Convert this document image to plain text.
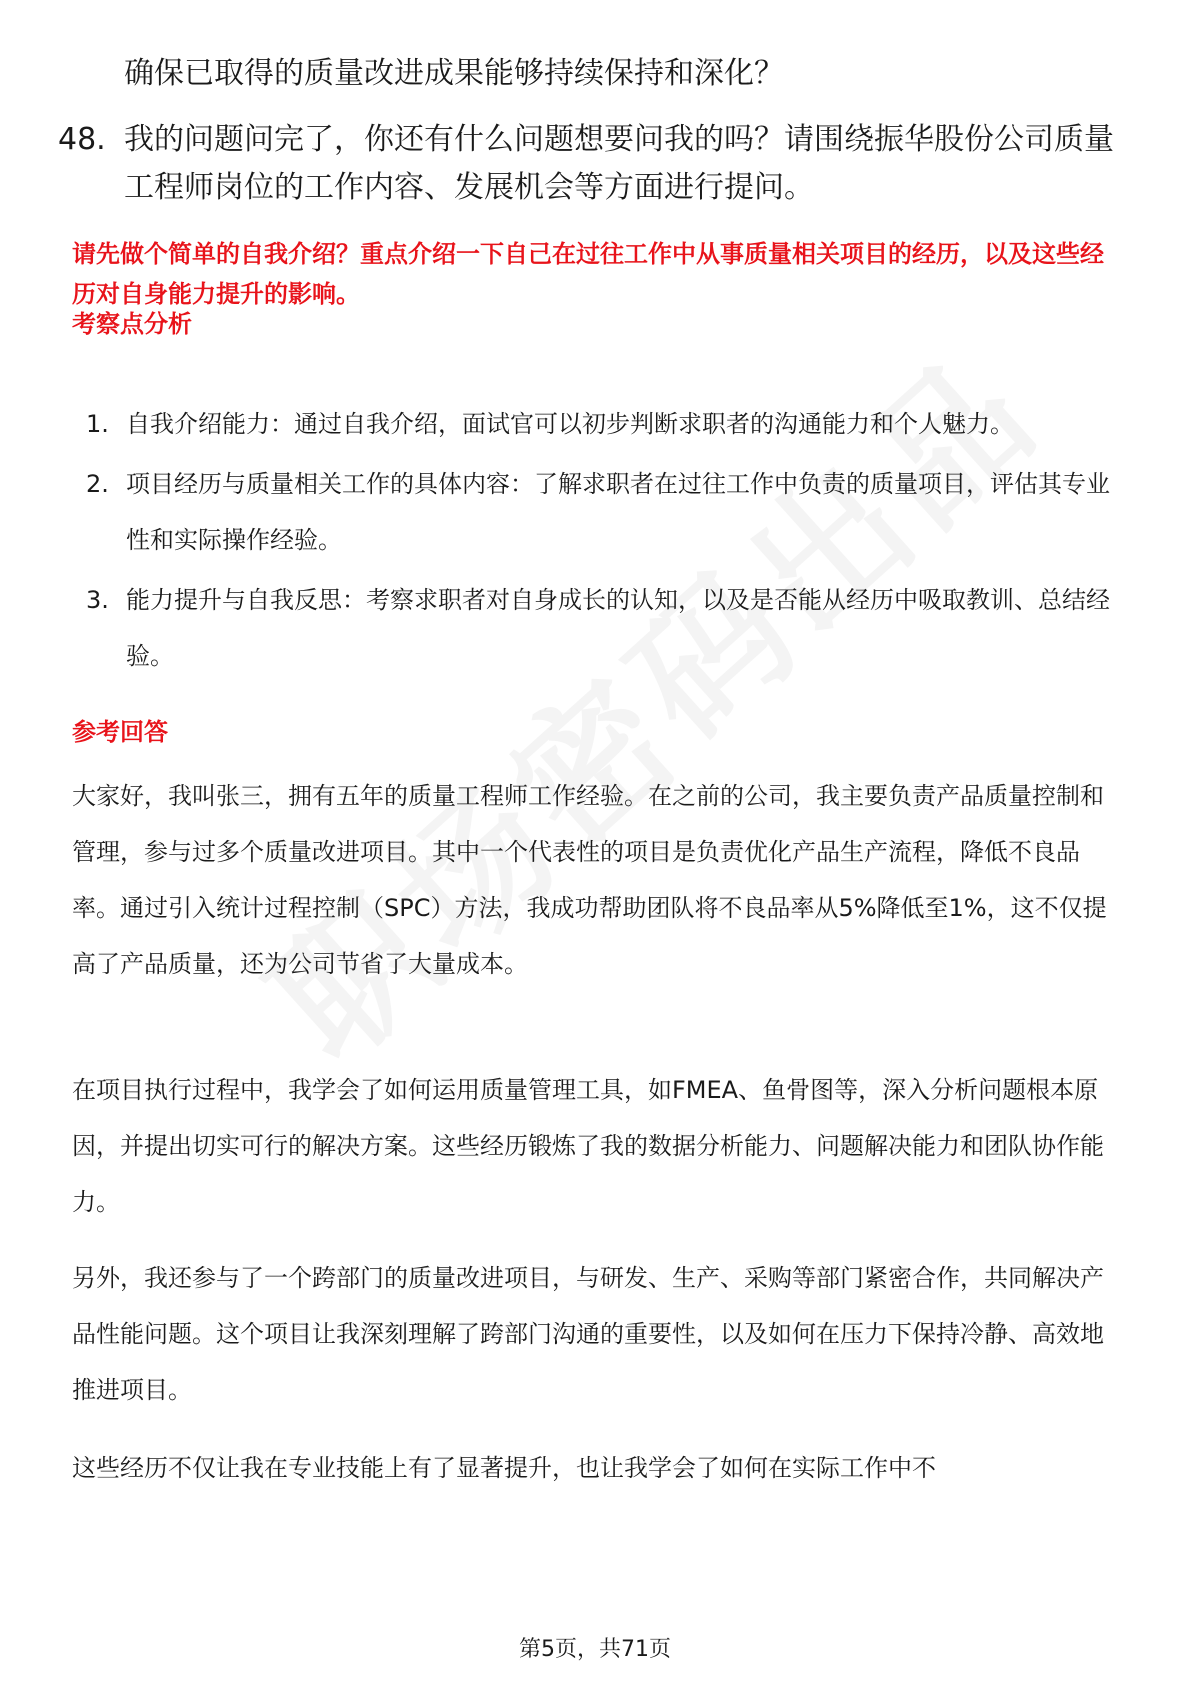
确保已取得的质量改进成果能够持续保持和深化？
48. 我的问题问完了，你还有什么问题想要问我的吗？请围绕振华股份公司质量工程师岗位的工作内容、发展机会等方面进行提问。
请先做个简单的自我介绍？重点介绍一下自己在过往工作中从事质量相关项目的经历，以及这些经历对自身能力提升的影响。
考察点分析
1. 自我介绍能力：通过自我介绍，面试官可以初步判断求职者的沟通能力和个人魅力。
2. 项目经历与质量相关工作的具体内容：了解求职者在过往工作中负责的质量项目，评估其专业性和实际操作经验。
3. 能力提升与自我反思：考察求职者对自身成长的认知，以及是否能从经历中吸取教训、总结经验。
参考回答
大家好，我叫张三，拥有五年的质量工程师工作经验。在之前的公司，我主要负责产品质量控制和管理，参与过多个质量改进项目。其中一个代表性的项目是负责优化产品生产流程，降低不良品率。通过引入统计过程控制（SPC）方法，我成功帮助团队将不良品率从5%降低至1%，这不仅提高了产品质量，还为公司节省了大量成本。
在项目执行过程中，我学会了如何运用质量管理工具，如FMEA、鱼骨图等，深入分析问题根本原因，并提出切实可行的解决方案。这些经历锻炼了我的数据分析能力、问题解决能力和团队协作能力。
另外，我还参与了一个跨部门的质量改进项目，与研发、生产、采购等部门紧密合作，共同解决产品性能问题。这个项目让我深刻理解了跨部门沟通的重要性，以及如何在压力下保持冷静、高效地推进项目。
这些经历不仅让我在专业技能上有了显著提升，也让我学会了如何在实际工作中不
第5页，共71页
